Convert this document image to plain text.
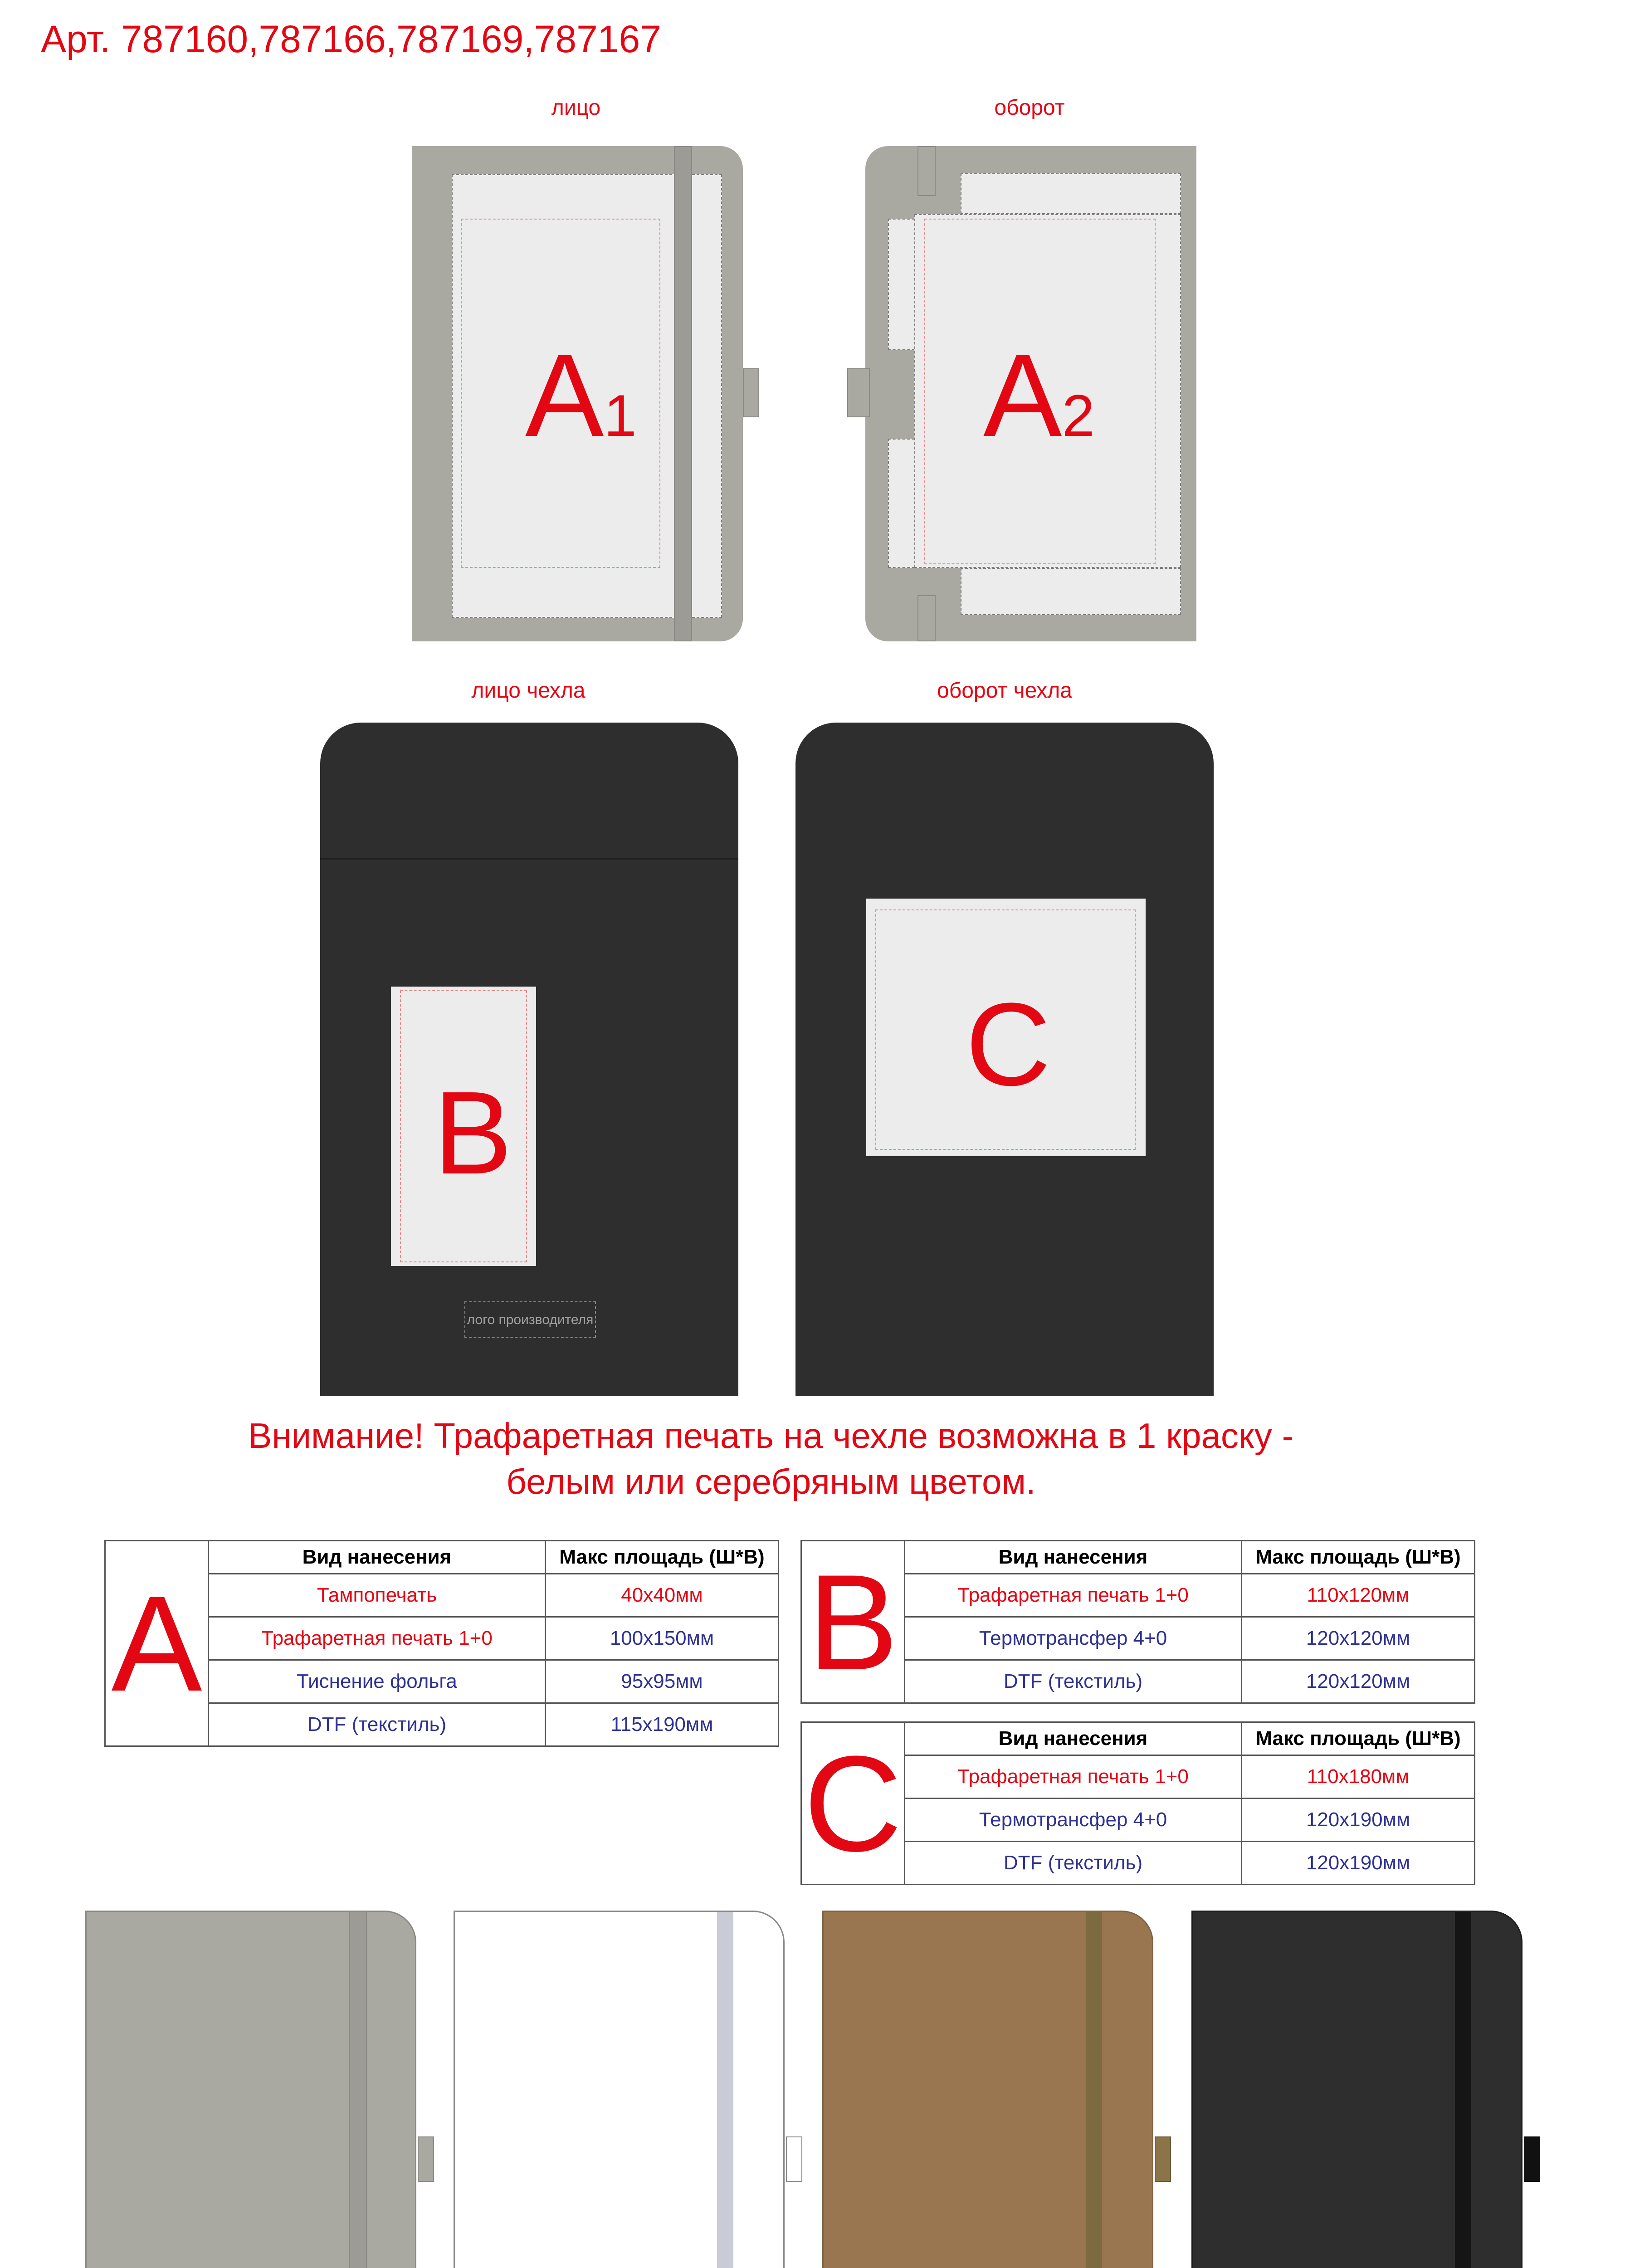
Арт. 787160,787166,787169,787167
лицо	оборот
лицо чехла	оборот чехла
A1	A2
B
лого производителя
C
Внимание! Трафаретная печать на чехле возможна в 1 краску -
белым или серебряным цветом.
A	Вид нанесения	Макс площадь (Ш*В)
	Тампопечать	40х40мм
	Трафаретная печать 1+0	100х150мм
	Тиснение фольга	95х95мм
	DTF (текстиль)	115х190мм
B	Вид нанесения	Макс площадь (Ш*В)
	Трафаретная печать 1+0	110х120мм
	Термотрансфер 4+0	120х120мм
	DTF (текстиль)	120х120мм
C	Вид нанесения	Макс площадь (Ш*В)
	Трафаретная печать 1+0	110х180мм
	Термотрансфер 4+0	120х190мм
	DTF (текстиль)	120х190мм
